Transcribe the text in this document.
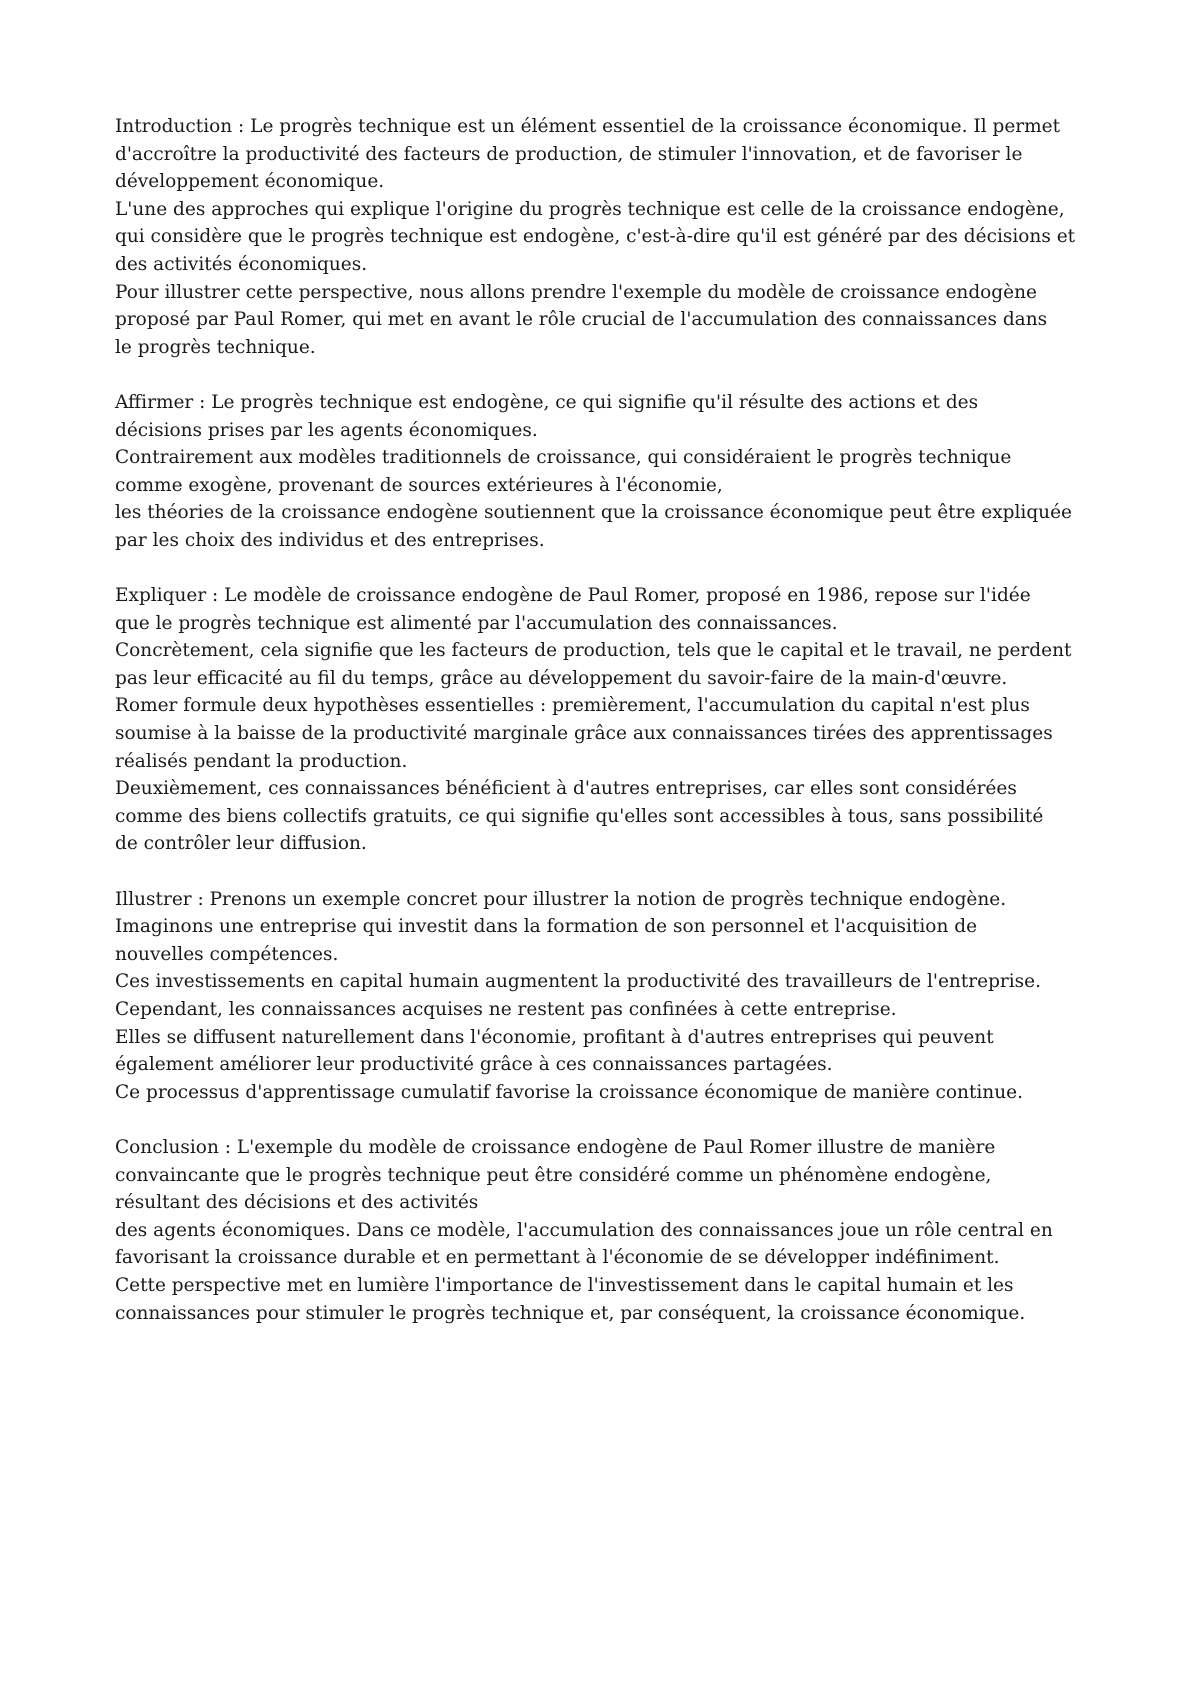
Introduction : Le progrès technique est un élément essentiel de la croissance économique. Il permet
d'accroître la productivité des facteurs de production, de stimuler l'innovation, et de favoriser le
développement économique.
L'une des approches qui explique l'origine du progrès technique est celle de la croissance endogène,
qui considère que le progrès technique est endogène, c'est-à-dire qu'il est généré par des décisions et
des activités économiques.
Pour illustrer cette perspective, nous allons prendre l'exemple du modèle de croissance endogène
proposé par Paul Romer, qui met en avant le rôle crucial de l'accumulation des connaissances dans
le progrès technique.
Affirmer : Le progrès technique est endogène, ce qui signifie qu'il résulte des actions et des
décisions prises par les agents économiques.
Contrairement aux modèles traditionnels de croissance, qui considéraient le progrès technique
comme exogène, provenant de sources extérieures à l'économie,
les théories de la croissance endogène soutiennent que la croissance économique peut être expliquée
par les choix des individus et des entreprises.
Expliquer : Le modèle de croissance endogène de Paul Romer, proposé en 1986, repose sur l'idée
que le progrès technique est alimenté par l'accumulation des connaissances.
Concrètement, cela signifie que les facteurs de production, tels que le capital et le travail, ne perdent
pas leur efficacité au fil du temps, grâce au développement du savoir-faire de la main-d'œuvre.
Romer formule deux hypothèses essentielles : premièrement, l'accumulation du capital n'est plus
soumise à la baisse de la productivité marginale grâce aux connaissances tirées des apprentissages
réalisés pendant la production.
Deuxièmement, ces connaissances bénéficient à d'autres entreprises, car elles sont considérées
comme des biens collectifs gratuits, ce qui signifie qu'elles sont accessibles à tous, sans possibilité
de contrôler leur diffusion.
Illustrer : Prenons un exemple concret pour illustrer la notion de progrès technique endogène.
Imaginons une entreprise qui investit dans la formation de son personnel et l'acquisition de
nouvelles compétences.
Ces investissements en capital humain augmentent la productivité des travailleurs de l'entreprise.
Cependant, les connaissances acquises ne restent pas confinées à cette entreprise.
Elles se diffusent naturellement dans l'économie, profitant à d'autres entreprises qui peuvent
également améliorer leur productivité grâce à ces connaissances partagées.
Ce processus d'apprentissage cumulatif favorise la croissance économique de manière continue.
Conclusion : L'exemple du modèle de croissance endogène de Paul Romer illustre de manière
convaincante que le progrès technique peut être considéré comme un phénomène endogène,
résultant des décisions et des activités
des agents économiques. Dans ce modèle, l'accumulation des connaissances joue un rôle central en
favorisant la croissance durable et en permettant à l'économie de se développer indéfiniment.
Cette perspective met en lumière l'importance de l'investissement dans le capital humain et les
connaissances pour stimuler le progrès technique et, par conséquent, la croissance économique.
